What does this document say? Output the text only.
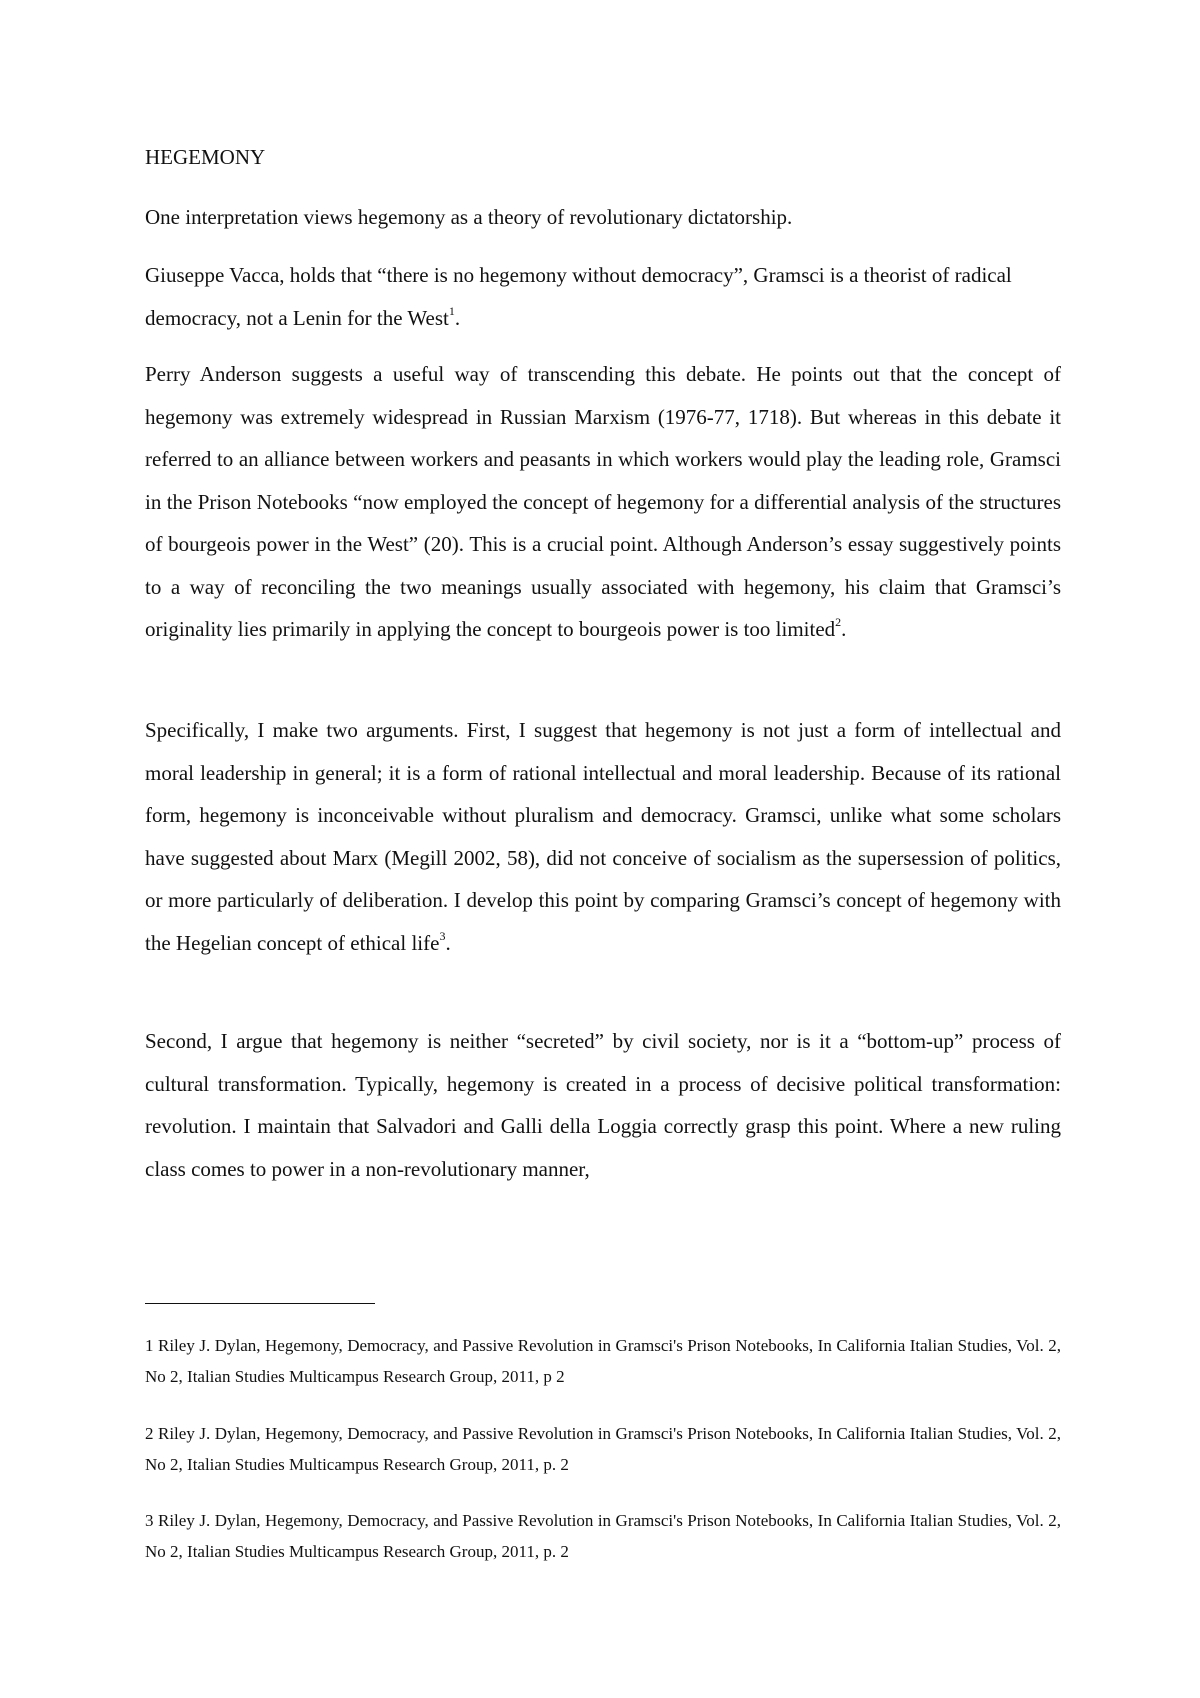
HEGEMONY

One interpretation views hegemony as a theory of revolutionary dictatorship.

Giuseppe Vacca, holds that “there is no hegemony without democracy”, Gramsci is a theorist of radical democracy, not a Lenin for the West$^1$.

Perry Anderson suggests a useful way of transcending this debate. He points out that the concept of hegemony was extremely widespread in Russian Marxism (1976-77, 1718). But whereas in this debate it referred to an alliance between workers and peasants in which workers would play the leading role, Gramsci in the Prison Notebooks “now employed the concept of hegemony for a differential analysis of the structures of bourgeois power in the West” (20). This is a crucial point. Although Anderson’s essay suggestively points to a way of reconciling the two meanings usually associated with hegemony, his claim that Gramsci’s originality lies primarily in applying the concept to bourgeois power is too limited$^2$.

Specifically, I make two arguments. First, I suggest that hegemony is not just a form of intellectual and moral leadership in general; it is a form of rational intellectual and moral leadership. Because of its rational form, hegemony is inconceivable without pluralism and democracy. Gramsci, unlike what some scholars have suggested about Marx (Megill 2002, 58), did not conceive of socialism as the supersession of politics, or more particularly of deliberation. I develop this point by comparing Gramsci’s concept of hegemony with the Hegelian concept of ethical life$^3$.

Second, I argue that hegemony is neither “secreted” by civil society, nor is it a “bottom-up” process of cultural transformation. Typically, hegemony is created in a process of decisive political transformation: revolution. I maintain that Salvadori and Galli della Loggia correctly grasp this point. Where a new ruling class comes to power in a non-revolutionary manner,

1 Riley J. Dylan, Hegemony, Democracy, and Passive Revolution in Gramsci's Prison Notebooks, In California Italian Studies, Vol. 2, No 2, Italian Studies Multicampus Research Group, 2011, p 2

2 Riley J. Dylan, Hegemony, Democracy, and Passive Revolution in Gramsci's Prison Notebooks, In California Italian Studies, Vol. 2, No 2, Italian Studies Multicampus Research Group, 2011, p. 2

3 Riley J. Dylan, Hegemony, Democracy, and Passive Revolution in Gramsci's Prison Notebooks, In California Italian Studies, Vol. 2, No 2, Italian Studies Multicampus Research Group, 2011, p. 2
